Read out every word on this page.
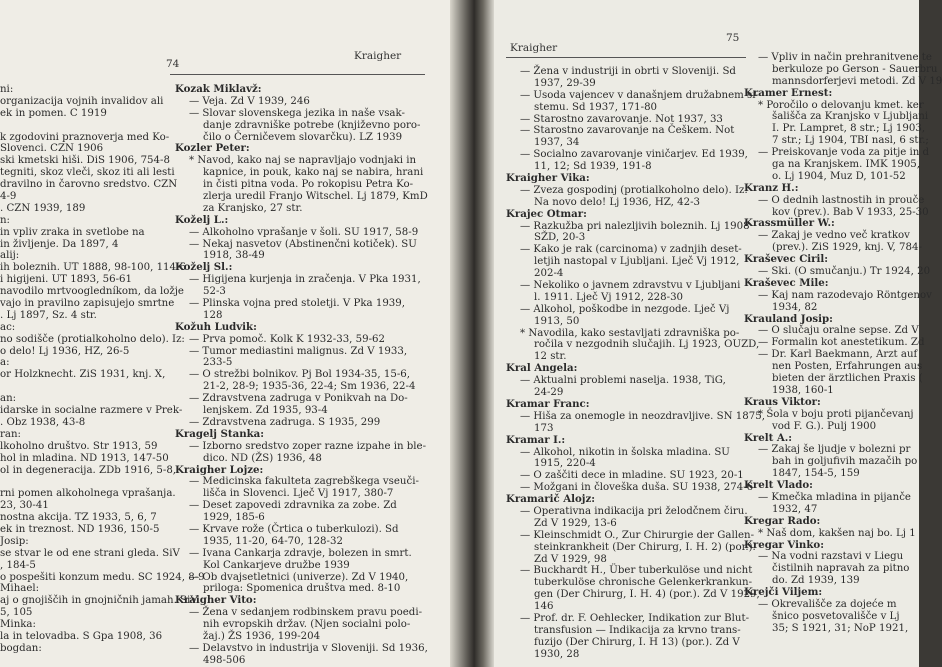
74
Kraigher
ni:
organizacija vojnih invalidov ali
ek in pomen. C 1919
k zgodovini praznoverja med Ko-
Slovenci. CZN 1906
ski kmetski hiši. DiS 1906, 754-8
tegniti, skoz vleči, skoz iti ali lesti
dravilno in čarovno sredstvo. CZN
4-9
. CZN 1939, 189
n:
in vpliv zraka in svetlobe na
in življenje. Da 1897, 4
alij:
ih boleznih. UT 1888, 98-100, 114-6
i higijeni. UT 1893, 56-61
navodilo mrtvoogledníkom, da ložje
vajo in pravilno zapisujejo smrtne
. Lj 1897, Sz. 4 str.
ac:
no sodišče (protialkoholno delo). Iz:
o delo! Lj 1936, HZ, 26-5
a:
or Holzknecht. ZiS 1931, knj. X,
an:
idarske in socialne razmere v Prek-
. Obz 1938, 43-8
ran:
lkoholno društvo. Str 1913, 59
hol in mladina. ND 1913, 147-50
ol in degeneracija. ZDb 1916, 5-8,
rni pomen alkoholnega vprašanja.
23, 30-41
nostna akcija. TZ 1933, 5, 6, 7
ek in treznost. ND 1936, 150-5
Josip:
se stvar le od ene strani gleda. SiV
, 184-5
o pospešiti konzum medu. SC 1924, 8-9
Mihael:
aj o gnojiščih in gnojničnih jamah. SiV
5, 105
Minka:
la in telovadba. S Gpa 1908, 36
bogdan:
Kozak Miklavž:
— Veja. Zd V 1939, 246
— Slovar slovenskega jezika in naše vsak-
danje zdravniške potrebe (književno poro-
čilo o Černičevem slovarčku). LZ 1939
Kozler Peter:
* Navod, kako naj se napravljajo vodnjaki in
kapnice, in pouk, kako naj se nabira, hrani
in čisti pitna voda. Po rokopisu Petra Ko-
zlerja uredil Franjo Witschel. Lj 1879, KmD
za Kranjsko, 27 str.
Koželj L.:
— Alkoholno vprašanje v šoli. SU 1917, 58-9
— Nekaj nasvetov (Abstinenčni kotiček). SU
1918, 38-49
Koželj Sl.:
— Higijena kurjenja in zračenja. V Pka 1931,
52-3
— Plinska vojna pred stoletji. V Pka 1939,
128
Kožuh Ludvik:
— Prva pomoč. Kolk K 1932-33, 59-62
— Tumor mediastini malignus. Zd V 1933,
233-5
— O strežbi bolnikov. Pj Bol 1934-35, 15-6,
21-2, 28-9; 1935-36, 22-4; Sm 1936, 22-4
— Zdravstvena zadruga v Ponikvah na Do-
lenjskem. Zd 1935, 93-4
— Zdravstvena zadruga. S 1935, 299
Kragelj Stanka:
— Izborno sredstvo zoper razne izpahe in ble-
dico. ND (ŽS) 1936, 48
Kraigher Lojze:
— Medicinska fakulteta zagrebškega vseuči-
lišča in Slovenci. Lječ Vj 1917, 380-7
— Deset zapovedi zdravnika za zobe. Zd
1929, 185-6
— Krvave rože (Črtica o tuberkulozi). Sd
1935, 11-20, 64-70, 128-32
— Ivana Cankarja zdravje, bolezen in smrt.
Kol Cankarjeve družbe 1939
— Ob dvajsetletnici (univerze). Zd V 1940,
priloga: Spomenica društva med. 8-10
Kraigher Vito:
— Žena v sedanjem rodbinskem pravu poedi-
nih evropskih držav. (Njen socialni polo-
žaj.) ŽS 1936, 199-204
— Delavstvo in industrija v Sloveniji. Sd 1936,
498-506
Kraigher
75
— Žena v industriji in obrti v Sloveniji. Sd
1937, 29-39
— Usoda vajencev v današnjem družabnem si-
stemu. Sd 1937, 171-80
— Starostno zavarovanje. Not 1937, 33
— Starostno zavarovanje na Češkem. Not
1937, 34
— Socialno zavarovanje viničarjev. Ed 1939,
11, 12; Sd 1939, 191-8
Kraigher Vika:
— Zveza gospodinj (protialkoholno delo). Iz:
Na novo delo! Lj 1936, HZ, 42-3
Krajec Otmar:
— Razkužba pri nalezljivih boleznih. Lj 1908
SŽD, 20-3
— Kako je rak (carcinoma) v zadnjih deset-
letjih nastopal v Ljubljani. Lječ Vj 1912,
202-4
— Nekoliko o javnem zdravstvu v Ljubljani
l. 1911. Lječ Vj 1912, 228-30
— Alkohol, poškodbe in nezgode. Lječ Vj
1913, 50
* Navodila, kako sestavljati zdravniška po-
ročila v nezgodnih slučajih. Lj 1923, OUZD,
12 str.
Kral Angela:
— Aktualni problemi naselja. 1938, TiG,
24-29
Kramar Franc:
— Hiša za onemogle in neozdravljive. SN 1875,
173
Kramar I.:
— Alkohol, nikotin in šolska mladina. SU
1915, 220-4
— O zaščiti dece in mladine. SU 1923, 20-1
— Možgani in človeška duša. SU 1938, 274-6
Kramarič Alojz:
— Operativna indikacija pri želodčnem čiru.
Zd V 1929, 13-6
— Kleinschmidt O., Zur Chirurgie der Gallen-
steinkrankheit (Der Chirurg, I. H. 2) (por.).
Zd V 1929, 98
— Buckhardt H., Über tuberkulöse und nicht
tuberkulöse chronische Gelenkerkrankun-
gen (Der Chirurg, I. H. 4) (por.). Zd V 1929,
146
— Prof. dr. F. Oehlecker, Indikation zur Blut-
transfusion — Indikacija za krvno trans-
fuzijo (Der Chirurg, I. H 13) (por.). Zd V
1930, 28
— Vpliv in način prehranitvene te
berkuloze po Gerson - Sauerbru
mannsdorferjevi metodi. Zd V 19
Kramer Ernest:
* Poročilo o delovanju kmet. ker
šališča za Kranjsko v Ljubljani
I. Pr. Lampret, 8 str.; Lj 1903,
7 str.; Lj 1904, TBI nasl, 6 str.;
— Preiskovanje voda za pitje in d
ga na Kranjskem. IMK 1905,
o. Lj 1904, Muz D, 101-52
Kranz H.:
— O dednih lastnostih in prouče
kov (prev.). Bab V 1933, 25-30
Krassmüller W.:
— Zakaj je vedno več kratkov
(prev.). ZiS 1929, knj. V, 784-
Kraševec Ciril:
— Ski. (O smučanju.) Tr 1924, 20
Kraševec Mile:
— Kaj nam razodevajo Röntgenov
1934, 82
Krauland Josip:
— O slučaju oralne sepse. Zd V
— Formalin kot anestetikum. Zd
— Dr. Karl Baekmann, Arzt auf
nen Posten, Erfahrungen aus
bieten der ärztlichen Praxis (
1938, 160-1
Kraus Viktor:
* Šola v boju proti pijančevanj
vod F. G.). Pulj 1900
Krelt A.:
— Zakaj še ljudje v bolezni pr
bah in goljufivih mazačih po
1847, 154-5, 159
Krelt Vlado:
— Kmečka mladina in pijanče
1932, 47
Kregar Rado:
* Naš dom, kakšen naj bo. Lj 1
Kregar Vinko:
— Na vodni razstavi v Liegu
čistilnih napravah za pitno
do. Zd 1939, 139
Krejči Viljem:
— Okrevališče za dojeće m
šnico posvetovališče v Lj
35; S 1921, 31; NoP 1921,
